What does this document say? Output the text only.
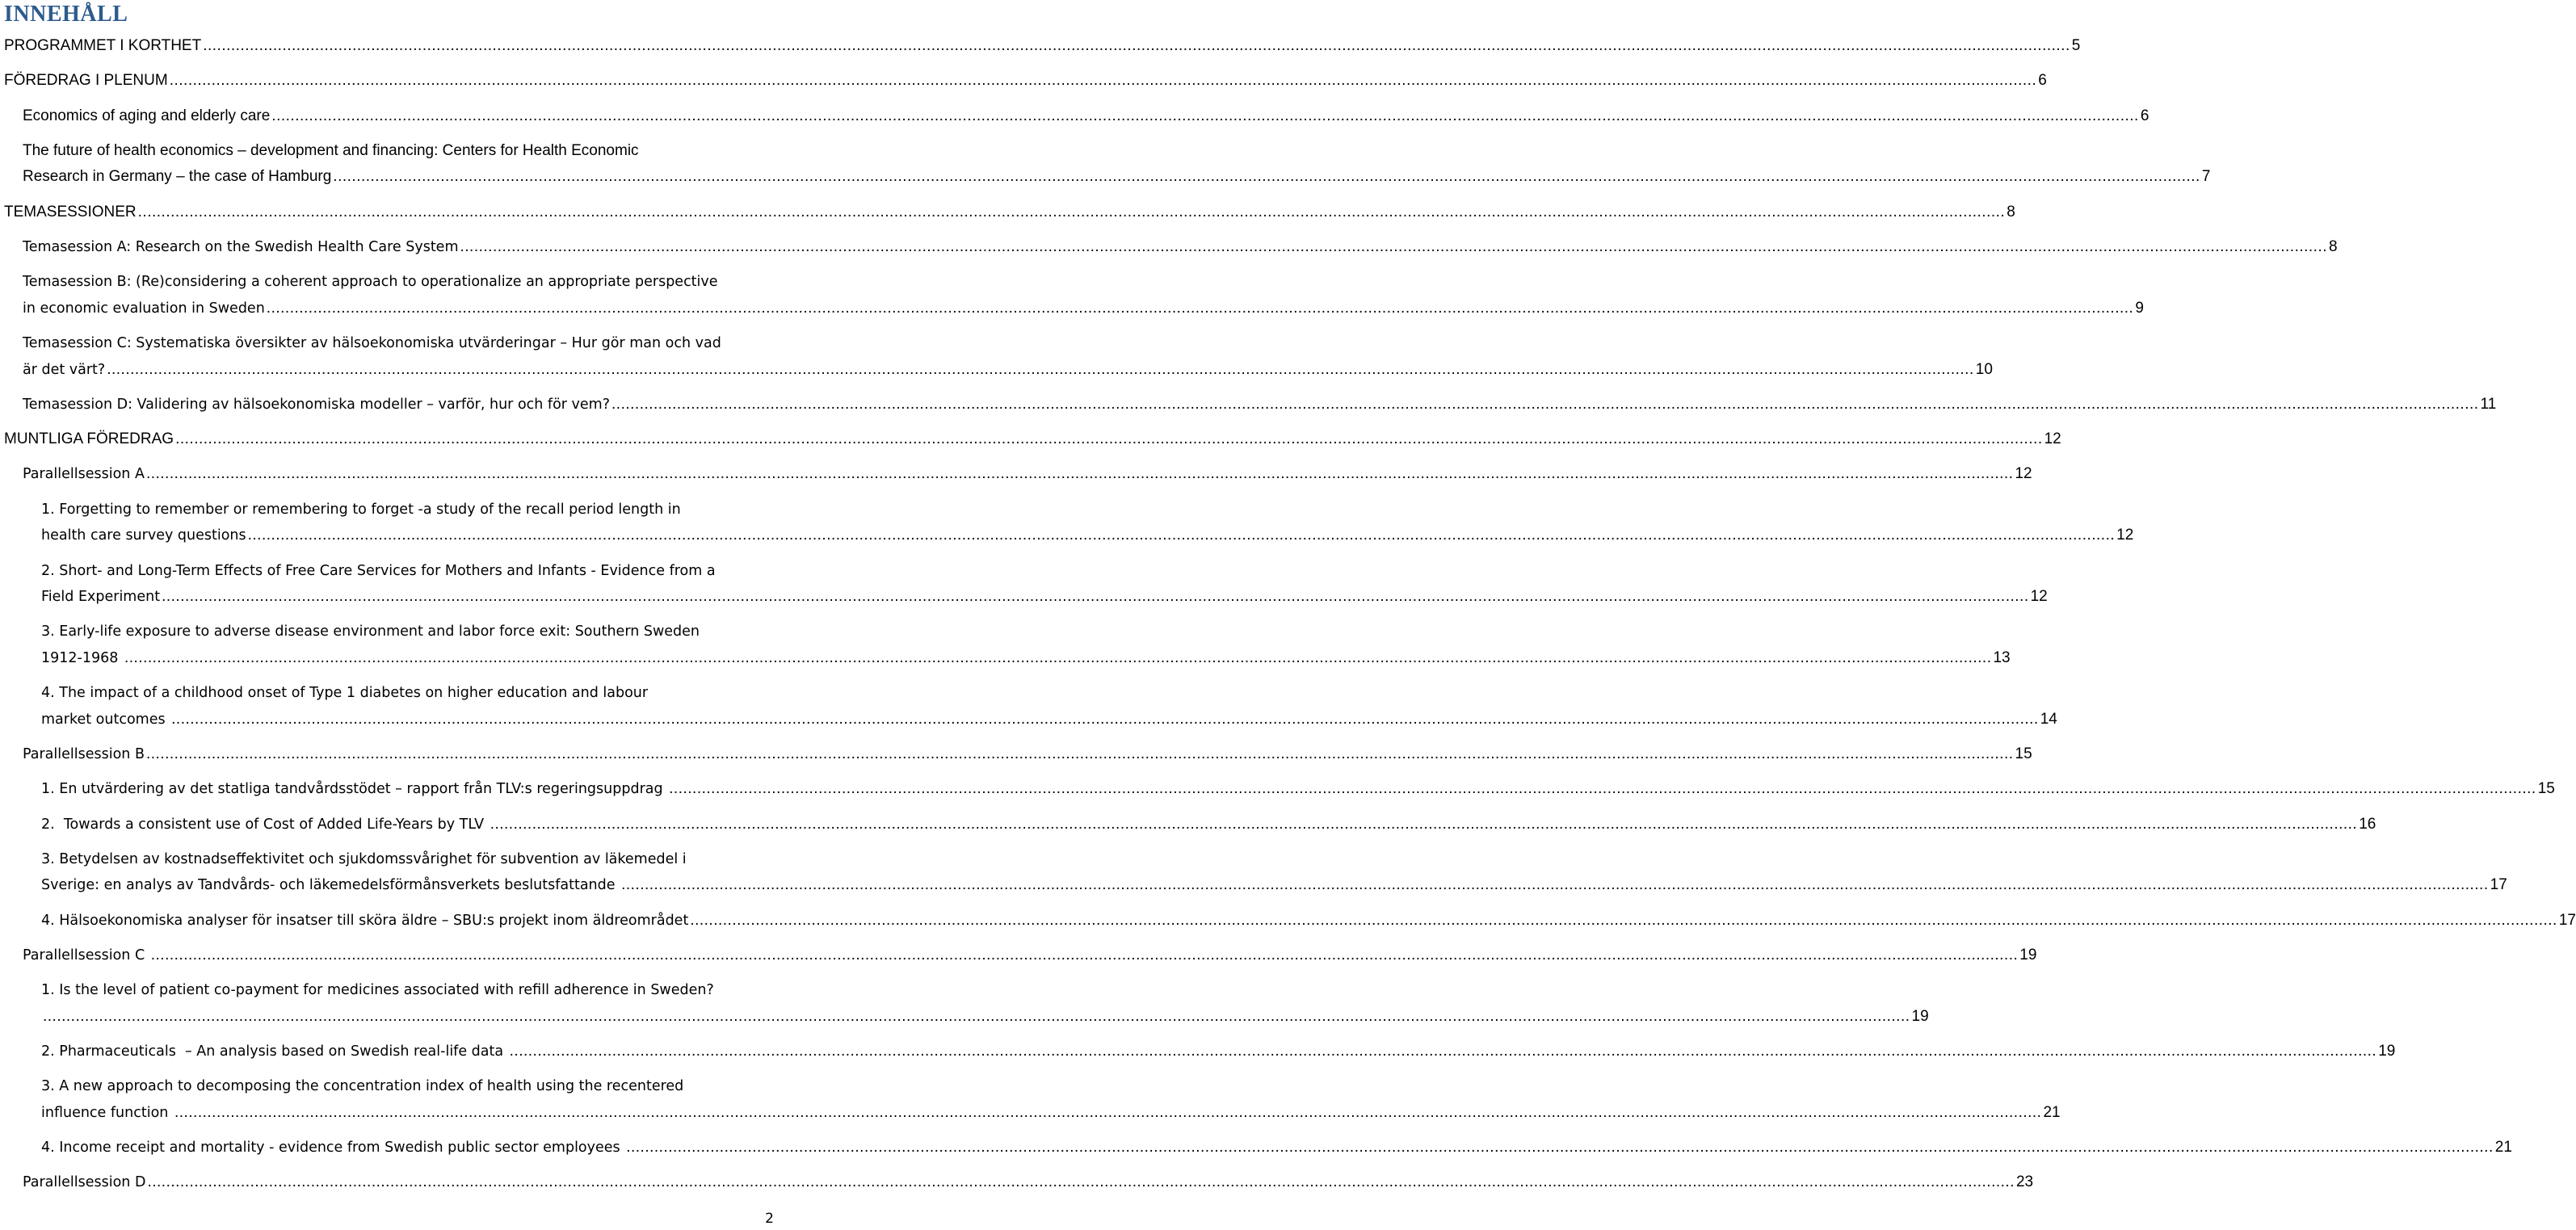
INNEHÅLL
PROGRAMMET I KORTHET ................................................................................................................................................................................................................................................................................................................................................................................................................ 5
FÖREDRAG I PLENUM ................................................................................................................................................................................................................................................................................................................................................................................................................ 6
Economics of aging and elderly care ................................................................................................................................................................................................................................................................................................................................................................................................................ 6
The future of health economics – development and financing: Centers for Health Economic
Research in Germany – the case of Hamburg ................................................................................................................................................................................................................................................................................................................................................................................................................ 7
TEMASESSIONER ................................................................................................................................................................................................................................................................................................................................................................................................................ 8
Temasession A: Research on the Swedish Health Care System ................................................................................................................................................................................................................................................................................................................................................................................................................ 8
Temasession B: (Re)considering a coherent approach to operationalize an appropriate perspective
in economic evaluation in Sweden ................................................................................................................................................................................................................................................................................................................................................................................................................ 9
Temasession C: Systematiska översikter av hälsoekonomiska utvärderingar – Hur gör man och vad
är det värt? ................................................................................................................................................................................................................................................................................................................................................................................................................ 10
Temasession D: Validering av hälsoekonomiska modeller – varför, hur och för vem? ................................................................................................................................................................................................................................................................................................................................................................................................................ 11
MUNTLIGA FÖREDRAG ................................................................................................................................................................................................................................................................................................................................................................................................................ 12
Parallellsession A ................................................................................................................................................................................................................................................................................................................................................................................................................ 12
1. Forgetting to remember or remembering to forget -a study of the recall period length in
health care survey questions ................................................................................................................................................................................................................................................................................................................................................................................................................ 12
2. Short- and Long-Term Effects of Free Care Services for Mothers and Infants - Evidence from a
Field Experiment ................................................................................................................................................................................................................................................................................................................................................................................................................ 12
3. Early-life exposure to adverse disease environment and labor force exit: Southern Sweden
1912-1968 ................................................................................................................................................................................................................................................................................................................................................................................................................ 13
4. The impact of a childhood onset of Type 1 diabetes on higher education and labour
market outcomes ................................................................................................................................................................................................................................................................................................................................................................................................................ 14
Parallellsession B ................................................................................................................................................................................................................................................................................................................................................................................................................ 15
1. En utvärdering av det statliga tandvårdsstödet – rapport från TLV:s regeringsuppdrag ................................................................................................................................................................................................................................................................................................................................................................................................................ 15
2.  Towards a consistent use of Cost of Added Life-Years by TLV ................................................................................................................................................................................................................................................................................................................................................................................................................ 16
3. Betydelsen av kostnadseffektivitet och sjukdomssvårighet för subvention av läkemedel i
Sverige: en analys av Tandvårds- och läkemedelsförmånsverkets beslutsfattande ................................................................................................................................................................................................................................................................................................................................................................................................................ 17
4. Hälsoekonomiska analyser för insatser till sköra äldre – SBU:s projekt inom äldreområdet ................................................................................................................................................................................................................................................................................................................................................................................................................ 17
Parallellsession C ................................................................................................................................................................................................................................................................................................................................................................................................................ 19
1. Is the level of patient co-payment for medicines associated with refill adherence in Sweden?
................................................................................................................................................................................................................................................................................................................................................................................................................ 19
2. Pharmaceuticals  – An analysis based on Swedish real-life data ................................................................................................................................................................................................................................................................................................................................................................................................................ 19
3. A new approach to decomposing the concentration index of health using the recentered
influence function ................................................................................................................................................................................................................................................................................................................................................................................................................ 21
4. Income receipt and mortality - evidence from Swedish public sector employees ................................................................................................................................................................................................................................................................................................................................................................................................................ 21
Parallellsession D ................................................................................................................................................................................................................................................................................................................................................................................................................ 23
2
